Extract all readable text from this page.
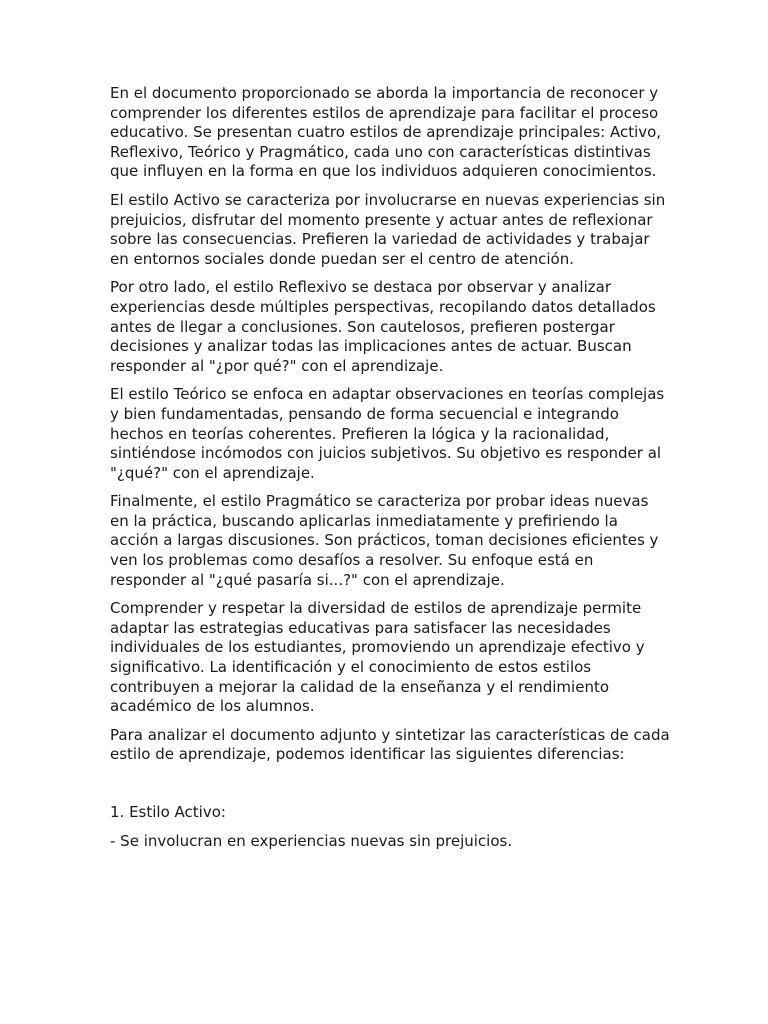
En el documento proporcionado se aborda la importancia de reconocer y comprender los diferentes estilos de aprendizaje para facilitar el proceso educativo. Se presentan cuatro estilos de aprendizaje principales: Activo, Reflexivo, Teórico y Pragmático, cada uno con características distintivas que influyen en la forma en que los individuos adquieren conocimientos.

El estilo Activo se caracteriza por involucrarse en nuevas experiencias sin prejuicios, disfrutar del momento presente y actuar antes de reflexionar sobre las consecuencias. Prefieren la variedad de actividades y trabajar en entornos sociales donde puedan ser el centro de atención.

Por otro lado, el estilo Reflexivo se destaca por observar y analizar experiencias desde múltiples perspectivas, recopilando datos detallados antes de llegar a conclusiones. Son cautelosos, prefieren postergar decisiones y analizar todas las implicaciones antes de actuar. Buscan responder al "¿por qué?" con el aprendizaje.

El estilo Teórico se enfoca en adaptar observaciones en teorías complejas y bien fundamentadas, pensando de forma secuencial e integrando hechos en teorías coherentes. Prefieren la lógica y la racionalidad, sintiéndose incómodos con juicios subjetivos. Su objetivo es responder al "¿qué?" con el aprendizaje.

Finalmente, el estilo Pragmático se caracteriza por probar ideas nuevas en la práctica, buscando aplicarlas inmediatamente y prefiriendo la acción a largas discusiones. Son prácticos, toman decisiones eficientes y ven los problemas como desafíos a resolver. Su enfoque está en responder al "¿qué pasaría si...?" con el aprendizaje.

Comprender y respetar la diversidad de estilos de aprendizaje permite adaptar las estrategias educativas para satisfacer las necesidades individuales de los estudiantes, promoviendo un aprendizaje efectivo y significativo. La identificación y el conocimiento de estos estilos contribuyen a mejorar la calidad de la enseñanza y el rendimiento académico de los alumnos.

Para analizar el documento adjunto y sintetizar las características de cada estilo de aprendizaje, podemos identificar las siguientes diferencias:

1. Estilo Activo:

- Se involucran en experiencias nuevas sin prejuicios.
